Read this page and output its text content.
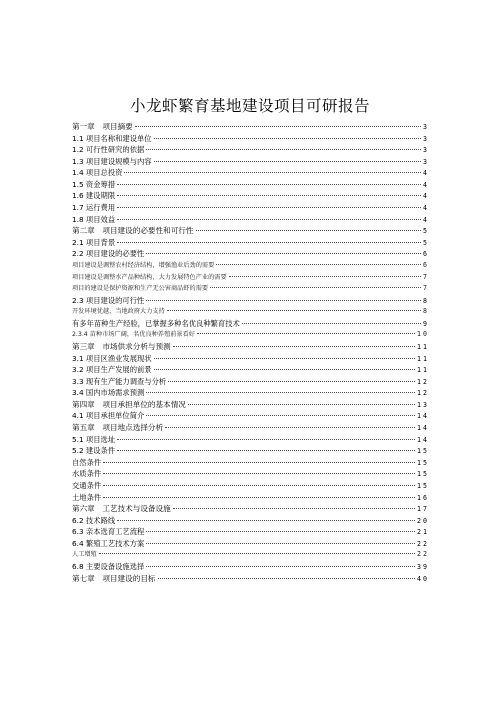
小龙虾繁育基地建设项目可研报告
第一章　项目摘要	3
1.1 项目名称和建设单位	3
1.2 可行性研究的依据	3
1.3 项目建设规模与内容	3
1.4 项目总投资	4
1.5 资金筹措	4
1.6 建设期限	4
1.7 运行费用	4
1.8 项目效益	4
第二章　项目建设的必要性和可行性	5
2.1 项目背景	5
2.2 项目建设的必要性	6
项目建设是调整农村经济结构，增强渔业后劲的需要	6
项目建设是调整水产品种结构，大力发展特色产业的需要	7
项目的建设是保护资源和生产无公害商品虾的需要	7
2.3 项目建设的可行性	8
开发环境优越，当地政府大力支持	8
有多年苗种生产经验，已掌握多种名优良种繁育技术	9
2.3.4 苗种市场广阔，名优良种养殖前景看好	10
第三章　市场供求分析与预测	11
3.1 项目区渔业发展现状	11
3.2 项目生产发展的前景	11
3.3 现有生产能力调查与分析	12
3.4 国内市场需求预测	12
第四章　项目承担单位的基本情况	13
4.1 项目承担单位简介	14
第五章　项目地点选择分析	14
5.1 项目选址	14
5.2 建设条件	15
自然条件	15
水质条件	15
交通条件	15
土地条件	16
第六章　工艺技术与设备设施	17
6.2 技术路线	20
6.3 亲本选育工艺流程	21
6.4 繁殖工艺技术方案	22
人工增殖	22
6.8 主要设备设施选择	39
第七章　项目建设的目标	40
